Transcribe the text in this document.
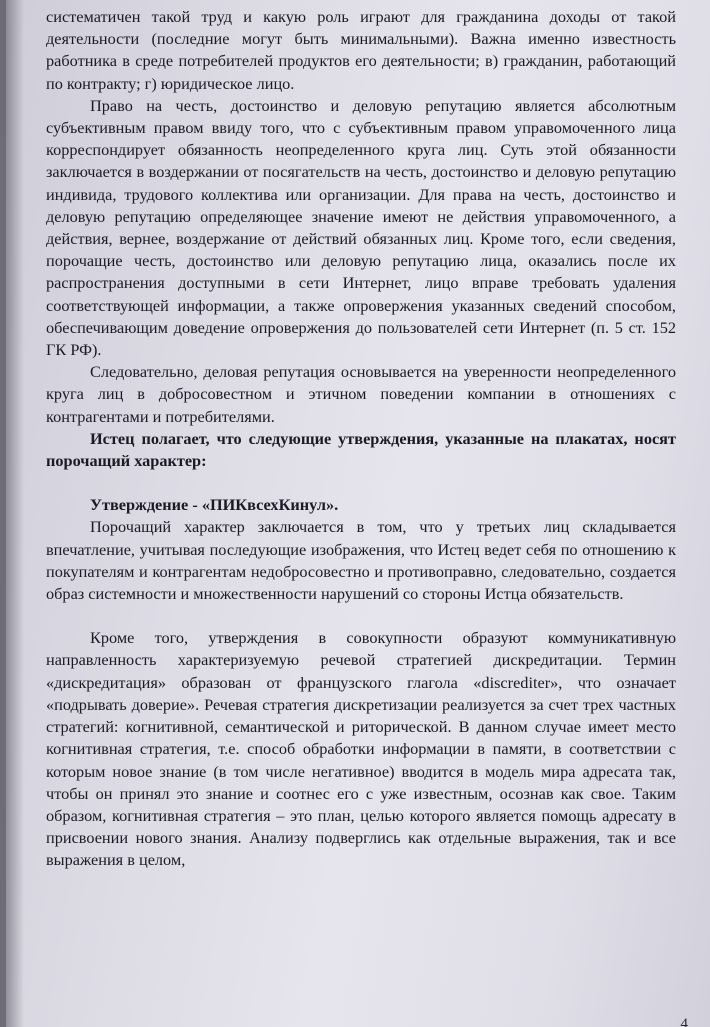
систематичен такой труд и какую роль играют для гражданина доходы от такой деятельности (последние могут быть минимальными). Важна именно известность работника в среде потребителей продуктов его деятельности; в) гражданин, работающий по контракту; г) юридическое лицо.

Право на честь, достоинство и деловую репутацию является абсолютным субъективным правом ввиду того, что с субъективным правом управомоченного лица корреспондирует обязанность неопределенного круга лиц. Суть этой обязанности заключается в воздержании от посягательств на честь, достоинство и деловую репутацию индивида, трудового коллектива или организации. Для права на честь, достоинство и деловую репутацию определяющее значение имеют не действия управомоченного, а действия, вернее, воздержание от действий обязанных лиц. Кроме того, если сведения, порочащие честь, достоинство или деловую репутацию лица, оказались после их распространения доступными в сети Интернет, лицо вправе требовать удаления соответствующей информации, а также опровержения указанных сведений способом, обеспечивающим доведение опровержения до пользователей сети Интернет (п. 5 ст. 152 ГК РФ).

Следовательно, деловая репутация основывается на уверенности неопределенного круга лиц в добросовестном и этичном поведении компании в отношениях с контрагентами и потребителями.

Истец полагает, что следующие утверждения, указанные на плакатах, носят порочащий характер:

Утверждение - «ПИКвсехКинул».

Порочащий характер заключается в том, что у третьих лиц складывается впечатление, учитывая последующие изображения, что Истец ведет себя по отношению к покупателям и контрагентам недобросовестно и противоправно, следовательно, создается образ системности и множественности нарушений со стороны Истца обязательств.

Кроме того, утверждения в совокупности образуют коммуникативную направленность характеризуемую речевой стратегией дискредитации. Термин «дискредитация» образован от французского глагола «discrediter», что означает «подрывать доверие». Речевая стратегия дискретизации реализуется за счет трех частных стратегий: когнитивной, семантической и риторической. В данном случае имеет место когнитивная стратегия, т.е. способ обработки информации в памяти, в соответствии с которым новое знание (в том числе негативное) вводится в модель мира адресата так, чтобы он принял это знание и соотнес его с уже известным, осознав как свое. Таким образом, когнитивная стратегия – это план, целью которого является помощь адресату в присвоении нового знания. Анализу подверглись как отдельные выражения, так и все выражения в целом,

4
